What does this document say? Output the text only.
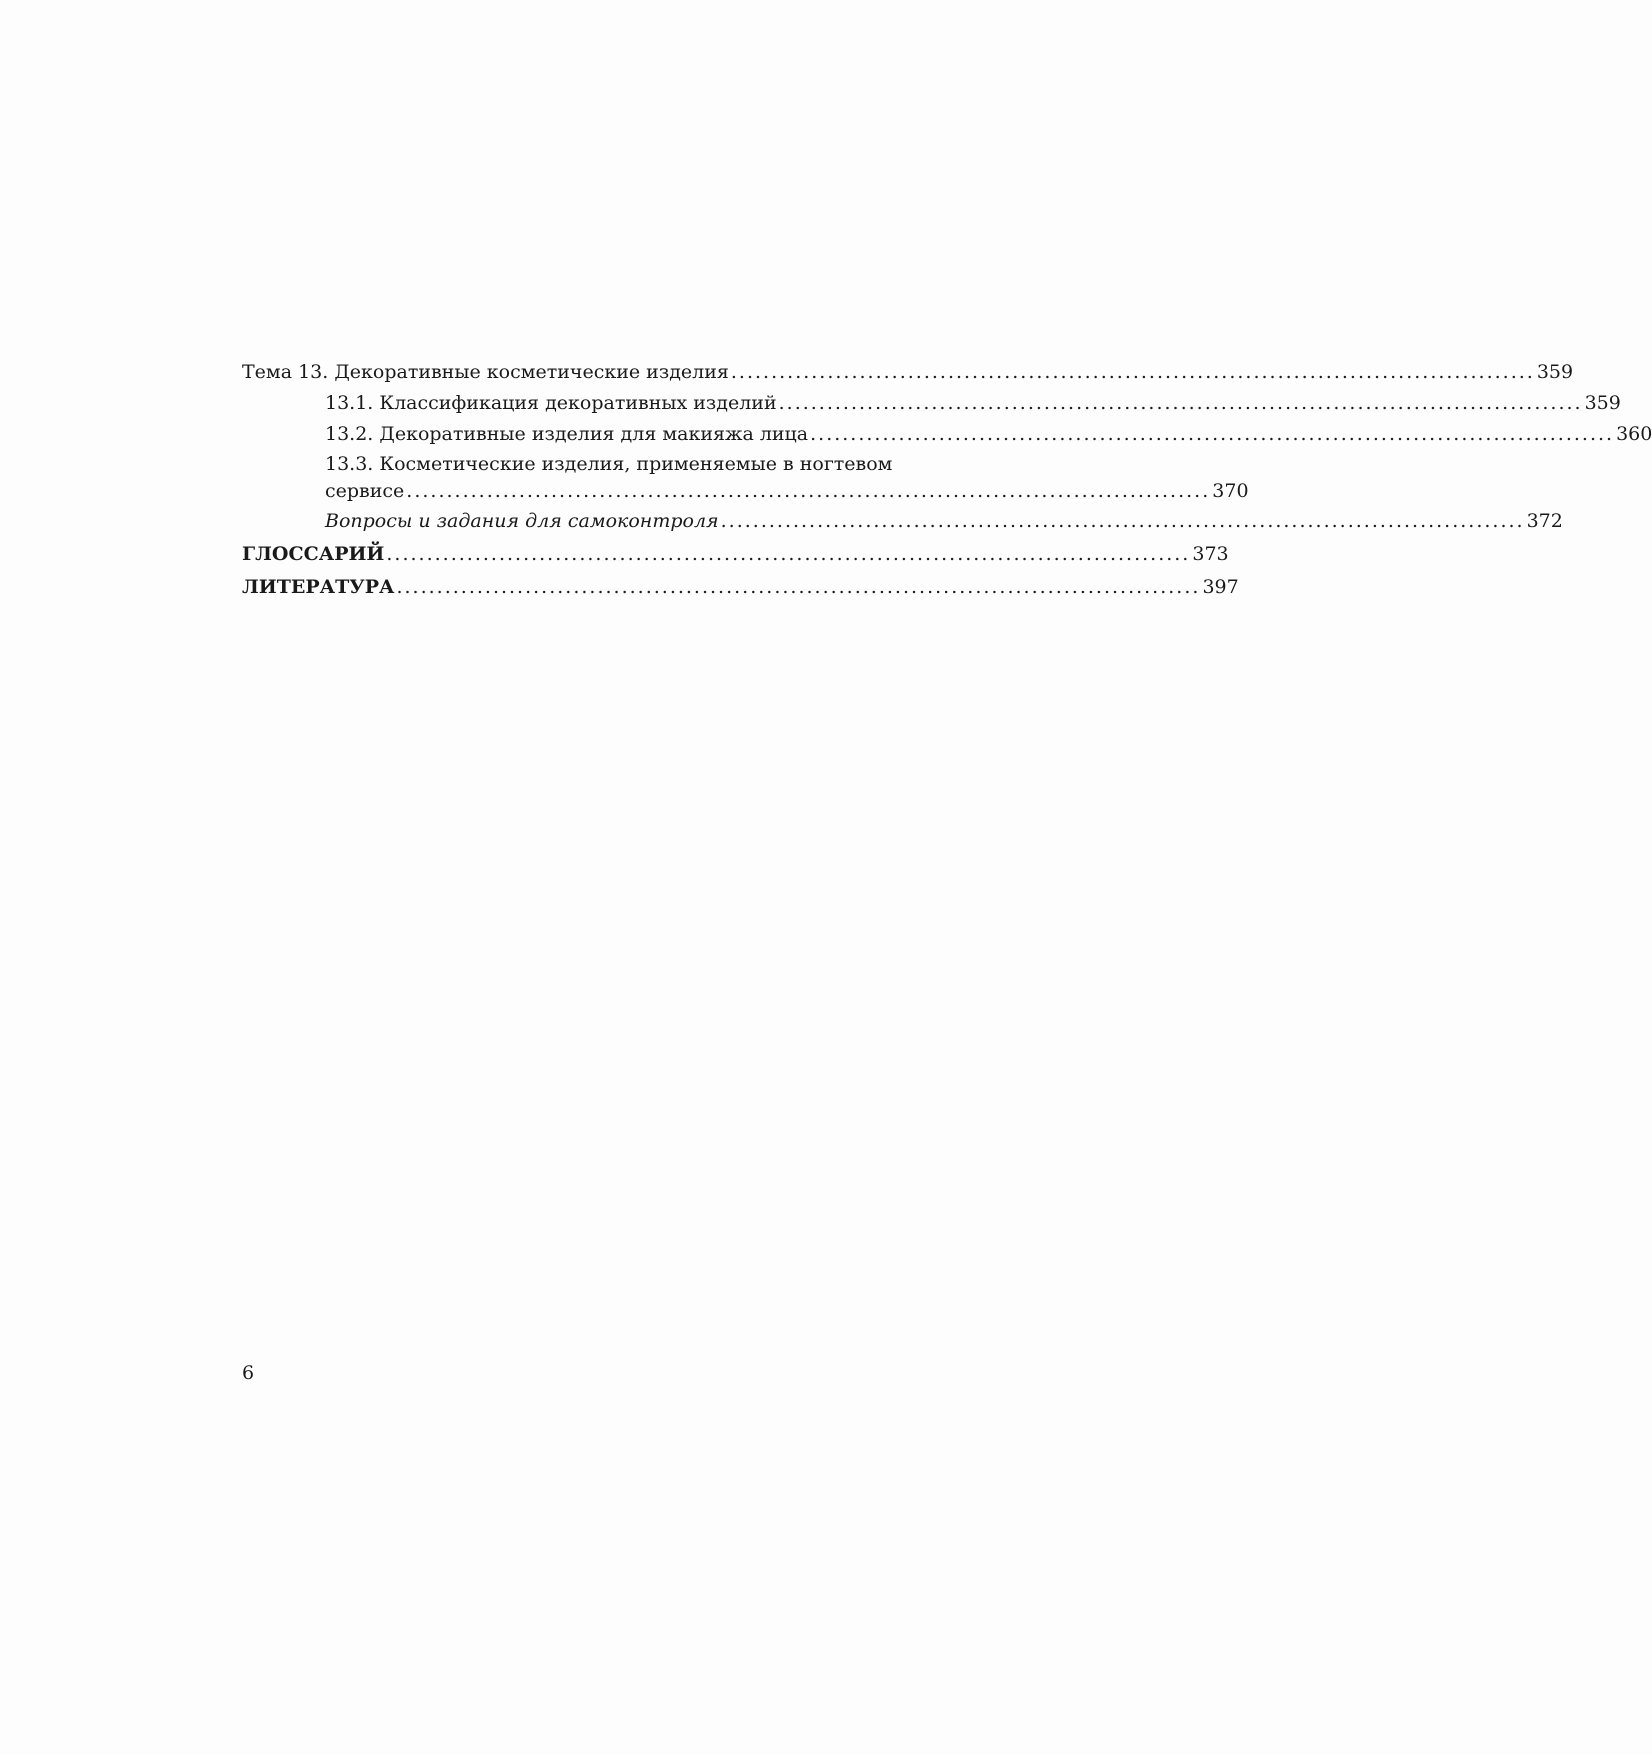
Тема 13. Декоративные косметические изделия .................................................................................................... 359
13.1. Классификация декоративных изделий .................................................................................................... 359
13.2. Декоративные изделия для макияжа лица .................................................................................................... 360
13.3. Косметические изделия, применяемые в ногтевом
сервисе .................................................................................................... 370
Вопросы и задания для самоконтроля .................................................................................................... 372
ГЛОССАРИЙ .................................................................................................... 373
ЛИТЕРАТУРА .................................................................................................... 397
6
